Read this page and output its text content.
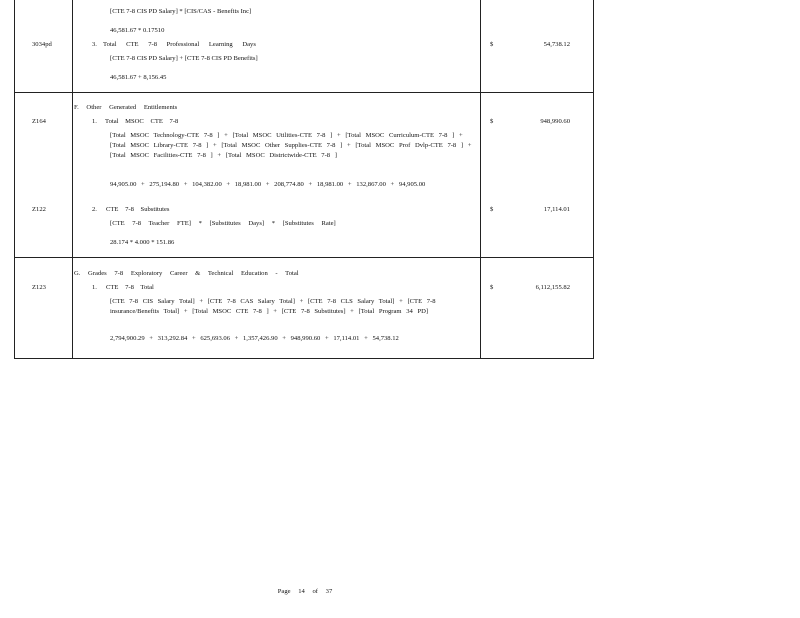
[CTE 7-8 CIS PD Salary] * [CIS/CAS - Benefits Inc]
46,581.67 * 0.17510
3034pd	3. Total CTE 7-8 Professional Learning Days	$	54,738.12
[CTE 7-8 CIS PD Salary] + [CTE 7-8 CIS PD Benefits]
46,581.67 + 8,156.45
F. Other Generated Entitlements
Z164	1. Total MSOC CTE 7-8	$	948,990.60
[Total MSOC Technology-CTE 7-8 ] + [Total MSOC Utilities-CTE 7-8 ] + [Total MSOC Curriculum-CTE 7-8 ] + [Total MSOC Library-CTE 7-8 ] + [Total MSOC Other Supplies-CTE 7-8 ] + [Total MSOC Prof Dvlp-CTE 7-8 ] + [Total MSOC Facilities-CTE 7-8 ] + [Total MSOC Districtwide-CTE 7-8 ]
94,905.00 + 275,194.80 + 104,382.00 + 18,981.00 + 208,774.80 + 18,981.00 + 132,867.00 + 94,905.00
Z122	2. CTE 7-8 Substitutes	$	17,114.01
[CTE 7-8 Teacher FTE] * [Substitutes Days] * [Substitutes Rate]
28.174 * 4.000 * 151.86
G. Grades 7-8 Exploratory Career & Technical Education - Total
Z123	1. CTE 7-8 Total	$	6,112,155.82
[CTE 7-8 CIS Salary Total] + [CTE 7-8 CAS Salary Total] + [CTE 7-8 CLS Salary Total] + [CTE 7-8 insurance/Benefits Total] + [Total MSOC CTE 7-8 ] + [CTE 7-8 Substitutes] + [Total Program 34 PD]
2,794,900.29 + 313,292.84 + 625,693.06 + 1,357,426.90 + 948,990.60 + 17,114.01 + 54,738.12
Page 14 of 37
